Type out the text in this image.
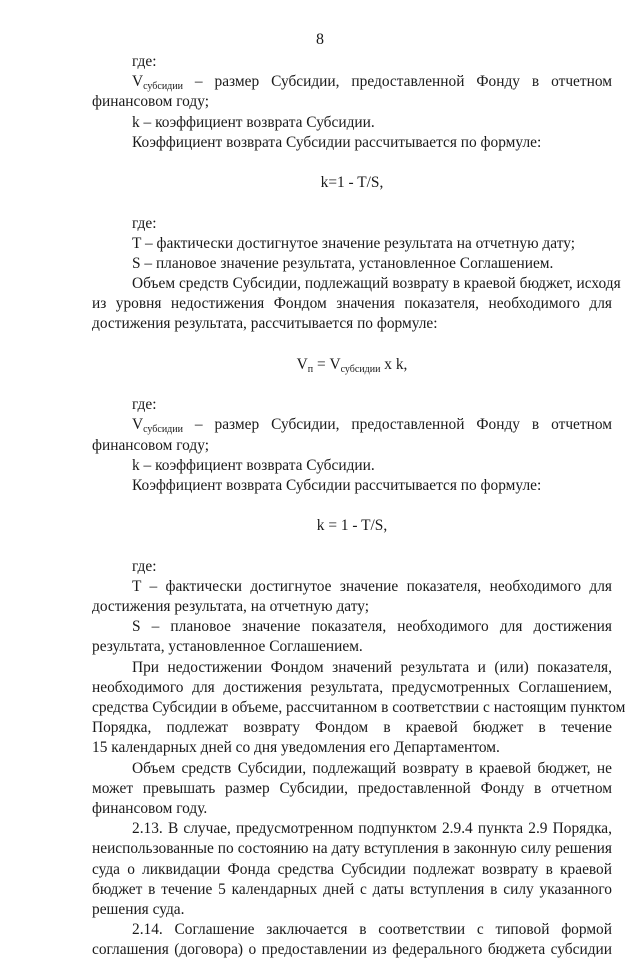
8
где:
$V_{субсидии}$ – размер Субсидии, предоставленной Фонду в отчетном
финансовом году;
k – коэффициент возврата Субсидии.
Коэффициент возврата Субсидии рассчитывается по формуле:
k=1 - T/S,
где:
T – фактически достигнутое значение результата на отчетную дату;
S – плановое значение результата, установленное Соглашением.
Объем средств Субсидии, подлежащий возврату в краевой бюджет, исходя
из уровня недостижения Фондом значения показателя, необходимого для
достижения результата, рассчитывается по формуле:
$V_п = V_{субсидии}$ x k,
где:
$V_{субсидии}$ – размер Субсидии, предоставленной Фонду в отчетном
финансовом году;
k – коэффициент возврата Субсидии.
Коэффициент возврата Субсидии рассчитывается по формуле:
k = 1 - T/S,
где:
T – фактически достигнутое значение показателя, необходимого для
достижения результата, на отчетную дату;
S – плановое значение показателя, необходимого для достижения
результата, установленное Соглашением.
При недостижении Фондом значений результата и (или) показателя,
необходимого для достижения результата, предусмотренных Соглашением,
средства Субсидии в объеме, рассчитанном в соответствии с настоящим пунктом
Порядка, подлежат возврату Фондом в краевой бюджет в течение
15 календарных дней со дня уведомления его Департаментом.
Объем средств Субсидии, подлежащий возврату в краевой бюджет, не
может превышать размер Субсидии, предоставленной Фонду в отчетном
финансовом году.
2.13. В случае, предусмотренном подпунктом 2.9.4 пункта 2.9 Порядка,
неиспользованные по состоянию на дату вступления в законную силу решения
суда о ликвидации Фонда средства Субсидии подлежат возврату в краевой
бюджет в течение 5 календарных дней с даты вступления в силу указанного
решения суда.
2.14. Соглашение заключается в соответствии с типовой формой
соглашения (договора) о предоставлении из федерального бюджета субсидии
